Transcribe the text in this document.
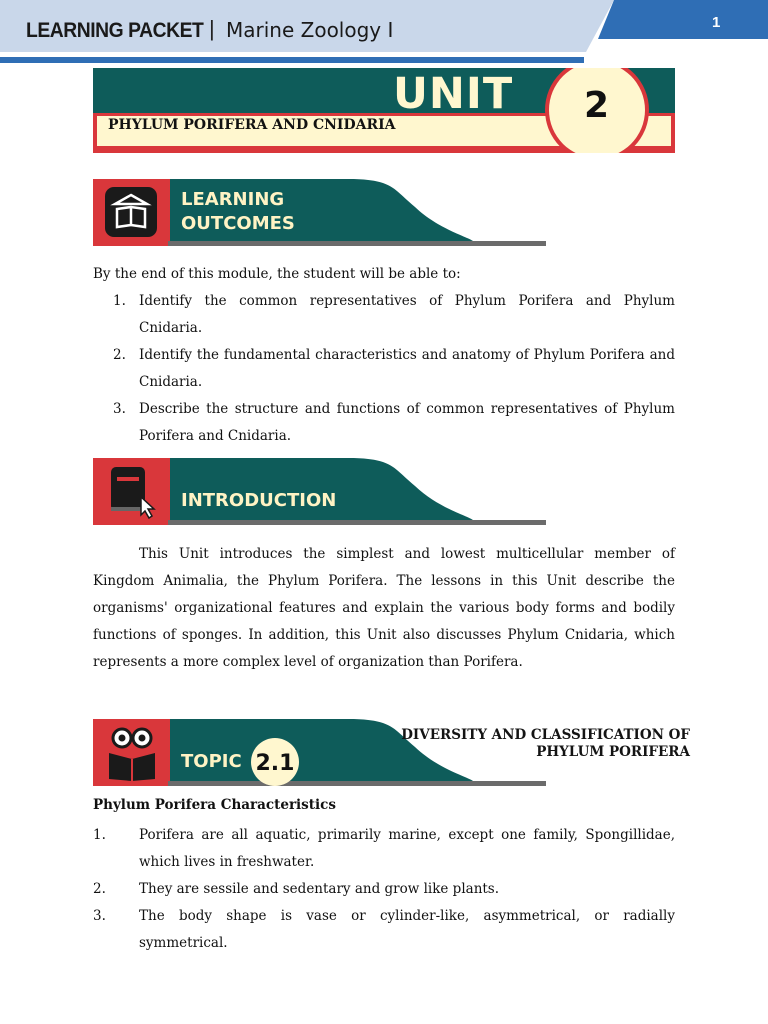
LEARNING PACKET | Marine Zoology I	1
UNIT
PHYLUM PORIFERA AND CNIDARIA	2
LEARNING
OUTCOMES
By the end of this module, the student will be able to:
1. Identify the common representatives of Phylum Porifera and Phylum Cnidaria.
2. Identify the fundamental characteristics and anatomy of Phylum Porifera and Cnidaria.
3. Describe the structure and functions of common representatives of Phylum Porifera and Cnidaria.
INTRODUCTION
This Unit introduces the simplest and lowest multicellular member of Kingdom Animalia, the Phylum Porifera. The lessons in this Unit describe the organisms' organizational features and explain the various body forms and bodily functions of sponges. In addition, this Unit also discusses Phylum Cnidaria, which represents a more complex level of organization than Porifera.
TOPIC 2.1
DIVERSITY AND CLASSIFICATION OF
PHYLUM PORIFERA
Phylum Porifera Characteristics
1. Porifera are all aquatic, primarily marine, except one family, Spongillidae, which lives in freshwater.
2. They are sessile and sedentary and grow like plants.
3. The body shape is vase or cylinder-like, asymmetrical, or radially symmetrical.
